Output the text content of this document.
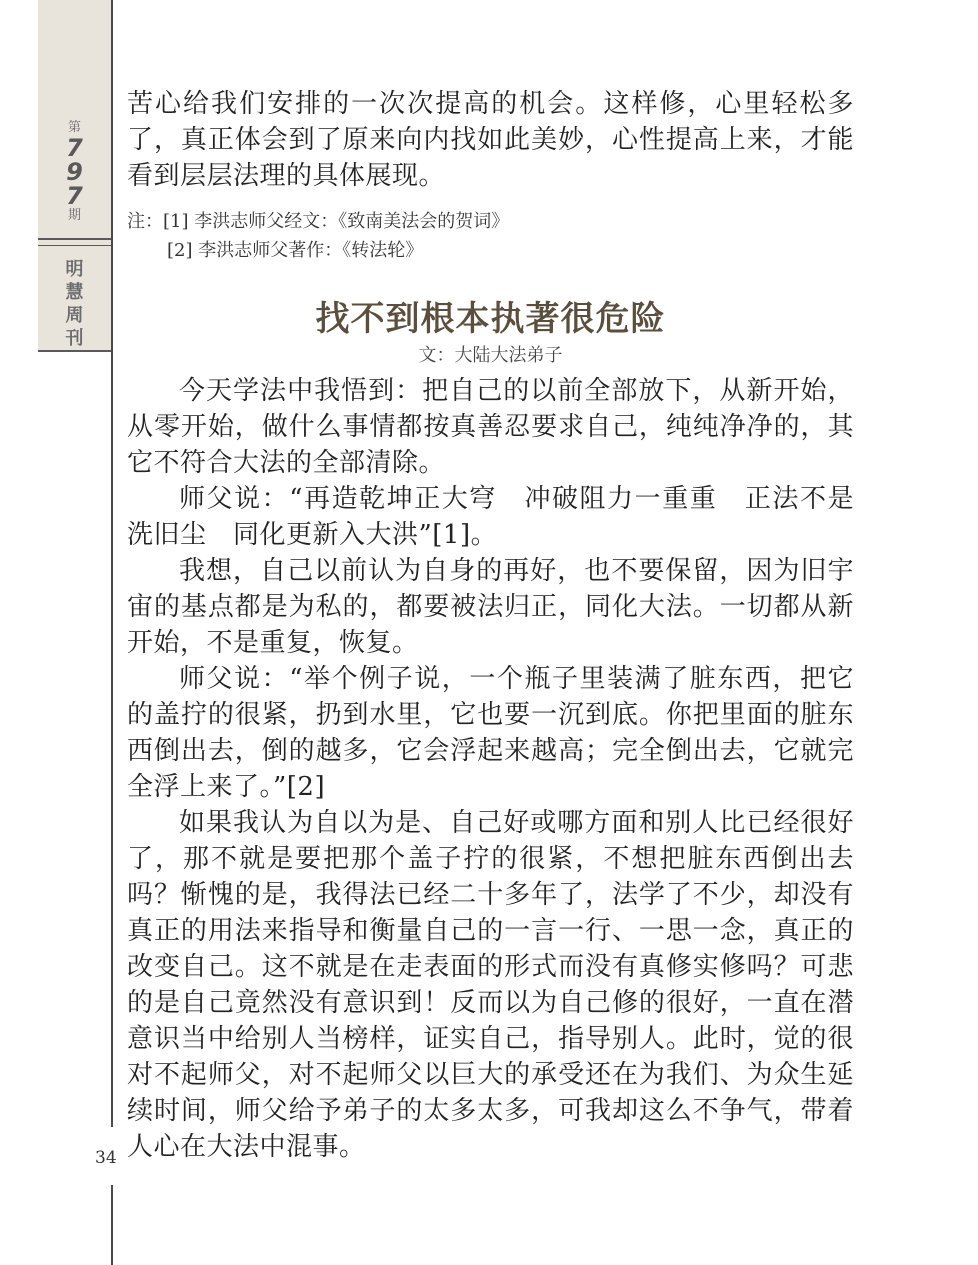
第
7
9
7
期
明
慧
周
刊
34

苦心给我们安排的一次次提高的机会。这样修，心里轻松多了，真正体会到了原来向内找如此美妙，心性提高上来，才能看到层层法理的具体展现。

注：[1] 李洪志师父经文：《致南美法会的贺词》
[2] 李洪志师父著作：《转法轮》
找不到根本执著很危险
文：大陆大法弟子

今天学法中我悟到：把自己的以前全部放下，从新开始，从零开始，做什么事情都按真善忍要求自己，纯纯净净的，其它不符合大法的全部清除。

师父说：“再造乾坤正大穹　冲破阻力一重重　正法不是洗旧尘　同化更新入大洪”[1]。

我想，自己以前认为自身的再好，也不要保留，因为旧宇宙的基点都是为私的，都要被法归正，同化大法。一切都从新开始，不是重复，恢复。

师父说：“举个例子说，一个瓶子里装满了脏东西，把它的盖拧的很紧，扔到水里，它也要一沉到底。你把里面的脏东西倒出去，倒的越多，它会浮起来越高；完全倒出去，它就完全浮上来了。”[2]

如果我认为自以为是、自己好或哪方面和别人比已经很好了，那不就是要把那个盖子拧的很紧，不想把脏东西倒出去吗？惭愧的是，我得法已经二十多年了，法学了不少，却没有真正的用法来指导和衡量自己的一言一行、一思一念，真正的改变自己。这不就是在走表面的形式而没有真修实修吗？可悲的是自己竟然没有意识到！反而以为自己修的很好，一直在潜意识当中给别人当榜样，证实自己，指导别人。此时，觉的很对不起师父，对不起师父以巨大的承受还在为我们、为众生延续时间，师父给予弟子的太多太多，可我却这么不争气，带着人心在大法中混事。
